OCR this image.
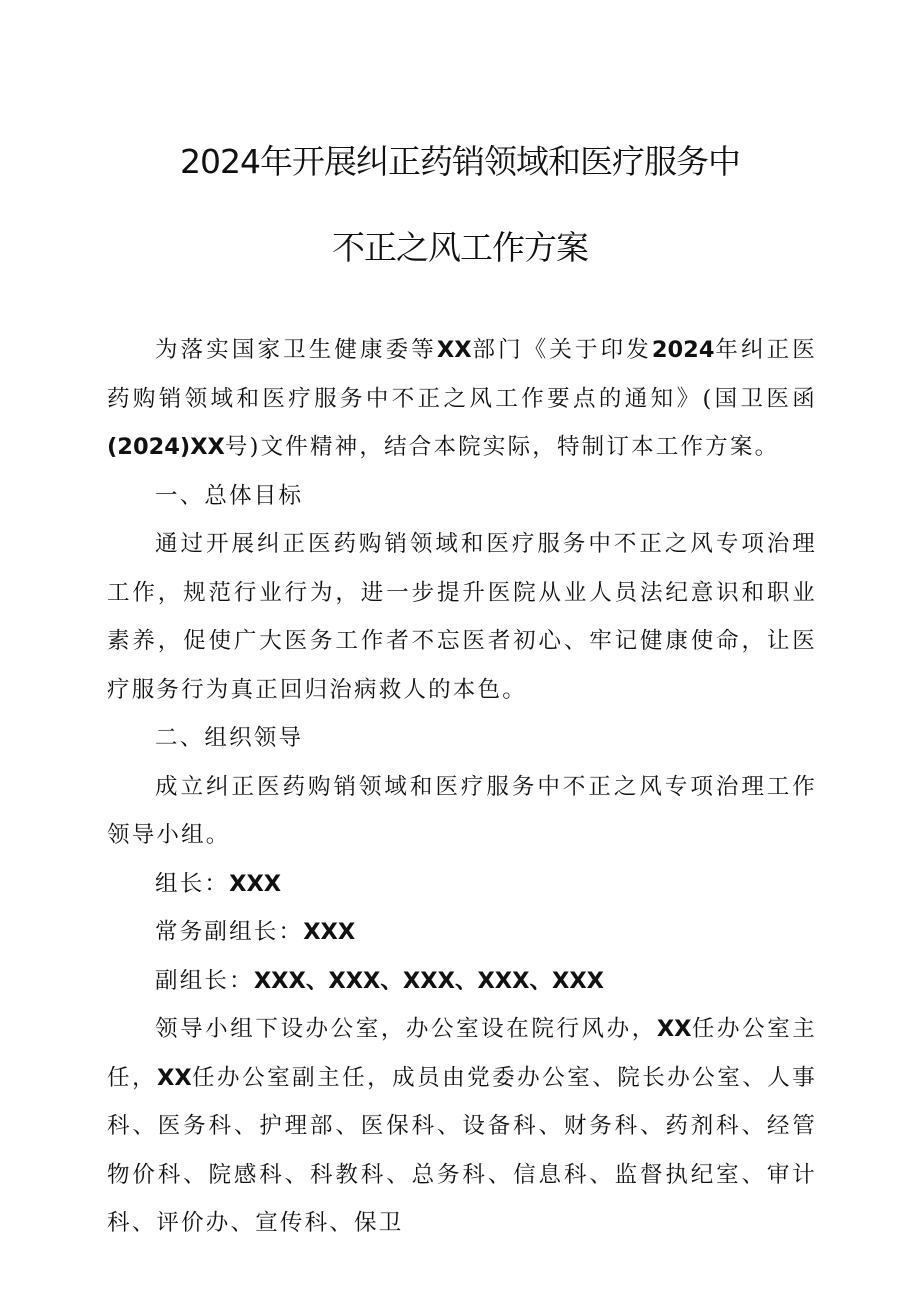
2024年开展纠正药销领域和医疗服务中
不正之风工作方案

为落实国家卫生健康委等XX部门《关于印发2024年纠正医药购销领域和医疗服务中不正之风工作要点的通知》(国卫医函(2024)XX号)文件精神，结合本院实际，特制订本工作方案。

一、总体目标

通过开展纠正医药购销领域和医疗服务中不正之风专项治理工作，规范行业行为，进一步提升医院从业人员法纪意识和职业素养，促使广大医务工作者不忘医者初心、牢记健康使命，让医疗服务行为真正回归治病救人的本色。

二、组织领导

成立纠正医药购销领域和医疗服务中不正之风专项治理工作领导小组。

组长：XXX

常务副组长：XXX

副组长：XXX、XXX、XXX、XXX、XXX

领导小组下设办公室，办公室设在院行风办，XX任办公室主任，XX任办公室副主任，成员由党委办公室、院长办公室、人事科、医务科、护理部、医保科、设备科、财务科、药剂科、经管物价科、院感科、科教科、总务科、信息科、监督执纪室、审计科、评价办、宣传科、保卫
